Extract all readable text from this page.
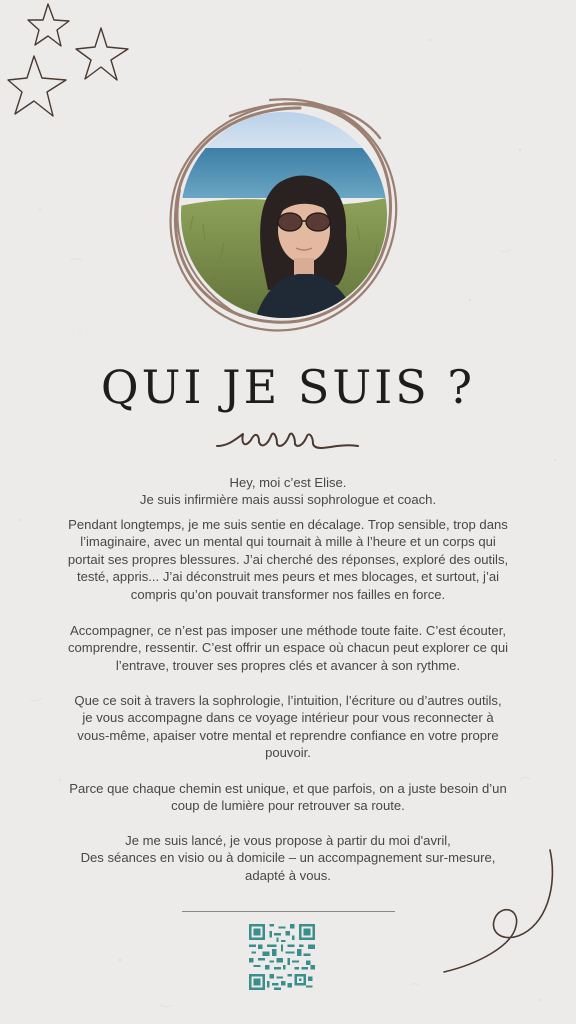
QUI JE SUIS ?
Hey, moi c’est Elise.
Je suis infirmière mais aussi sophrologue et coach.
Pendant longtemps, je me suis sentie en décalage. Trop sensible, trop dans
l’imaginaire, avec un mental qui tournait à mille à l’heure et un corps qui
portait ses propres blessures. J’ai cherché des réponses, exploré des outils,
testé, appris... J’ai déconstruit mes peurs et mes blocages, et surtout, j’ai
compris qu’on pouvait transformer nos failles en force.
Accompagner, ce n’est pas imposer une méthode toute faite. C’est écouter,
comprendre, ressentir. C’est offrir un espace où chacun peut explorer ce qui
l’entrave, trouver ses propres clés et avancer à son rythme.
Que ce soit à travers la sophrologie, l’intuition, l’écriture ou d’autres outils,
je vous accompagne dans ce voyage intérieur pour vous reconnecter à
vous-même, apaiser votre mental et reprendre confiance en votre propre
pouvoir.
Parce que chaque chemin est unique, et que parfois, on a juste besoin d’un
coup de lumière pour retrouver sa route.
Je me suis lancé, je vous propose à partir du moi d'avril,
Des séances en visio ou à domicile – un accompagnement sur-mesure,
adapté à vous.
